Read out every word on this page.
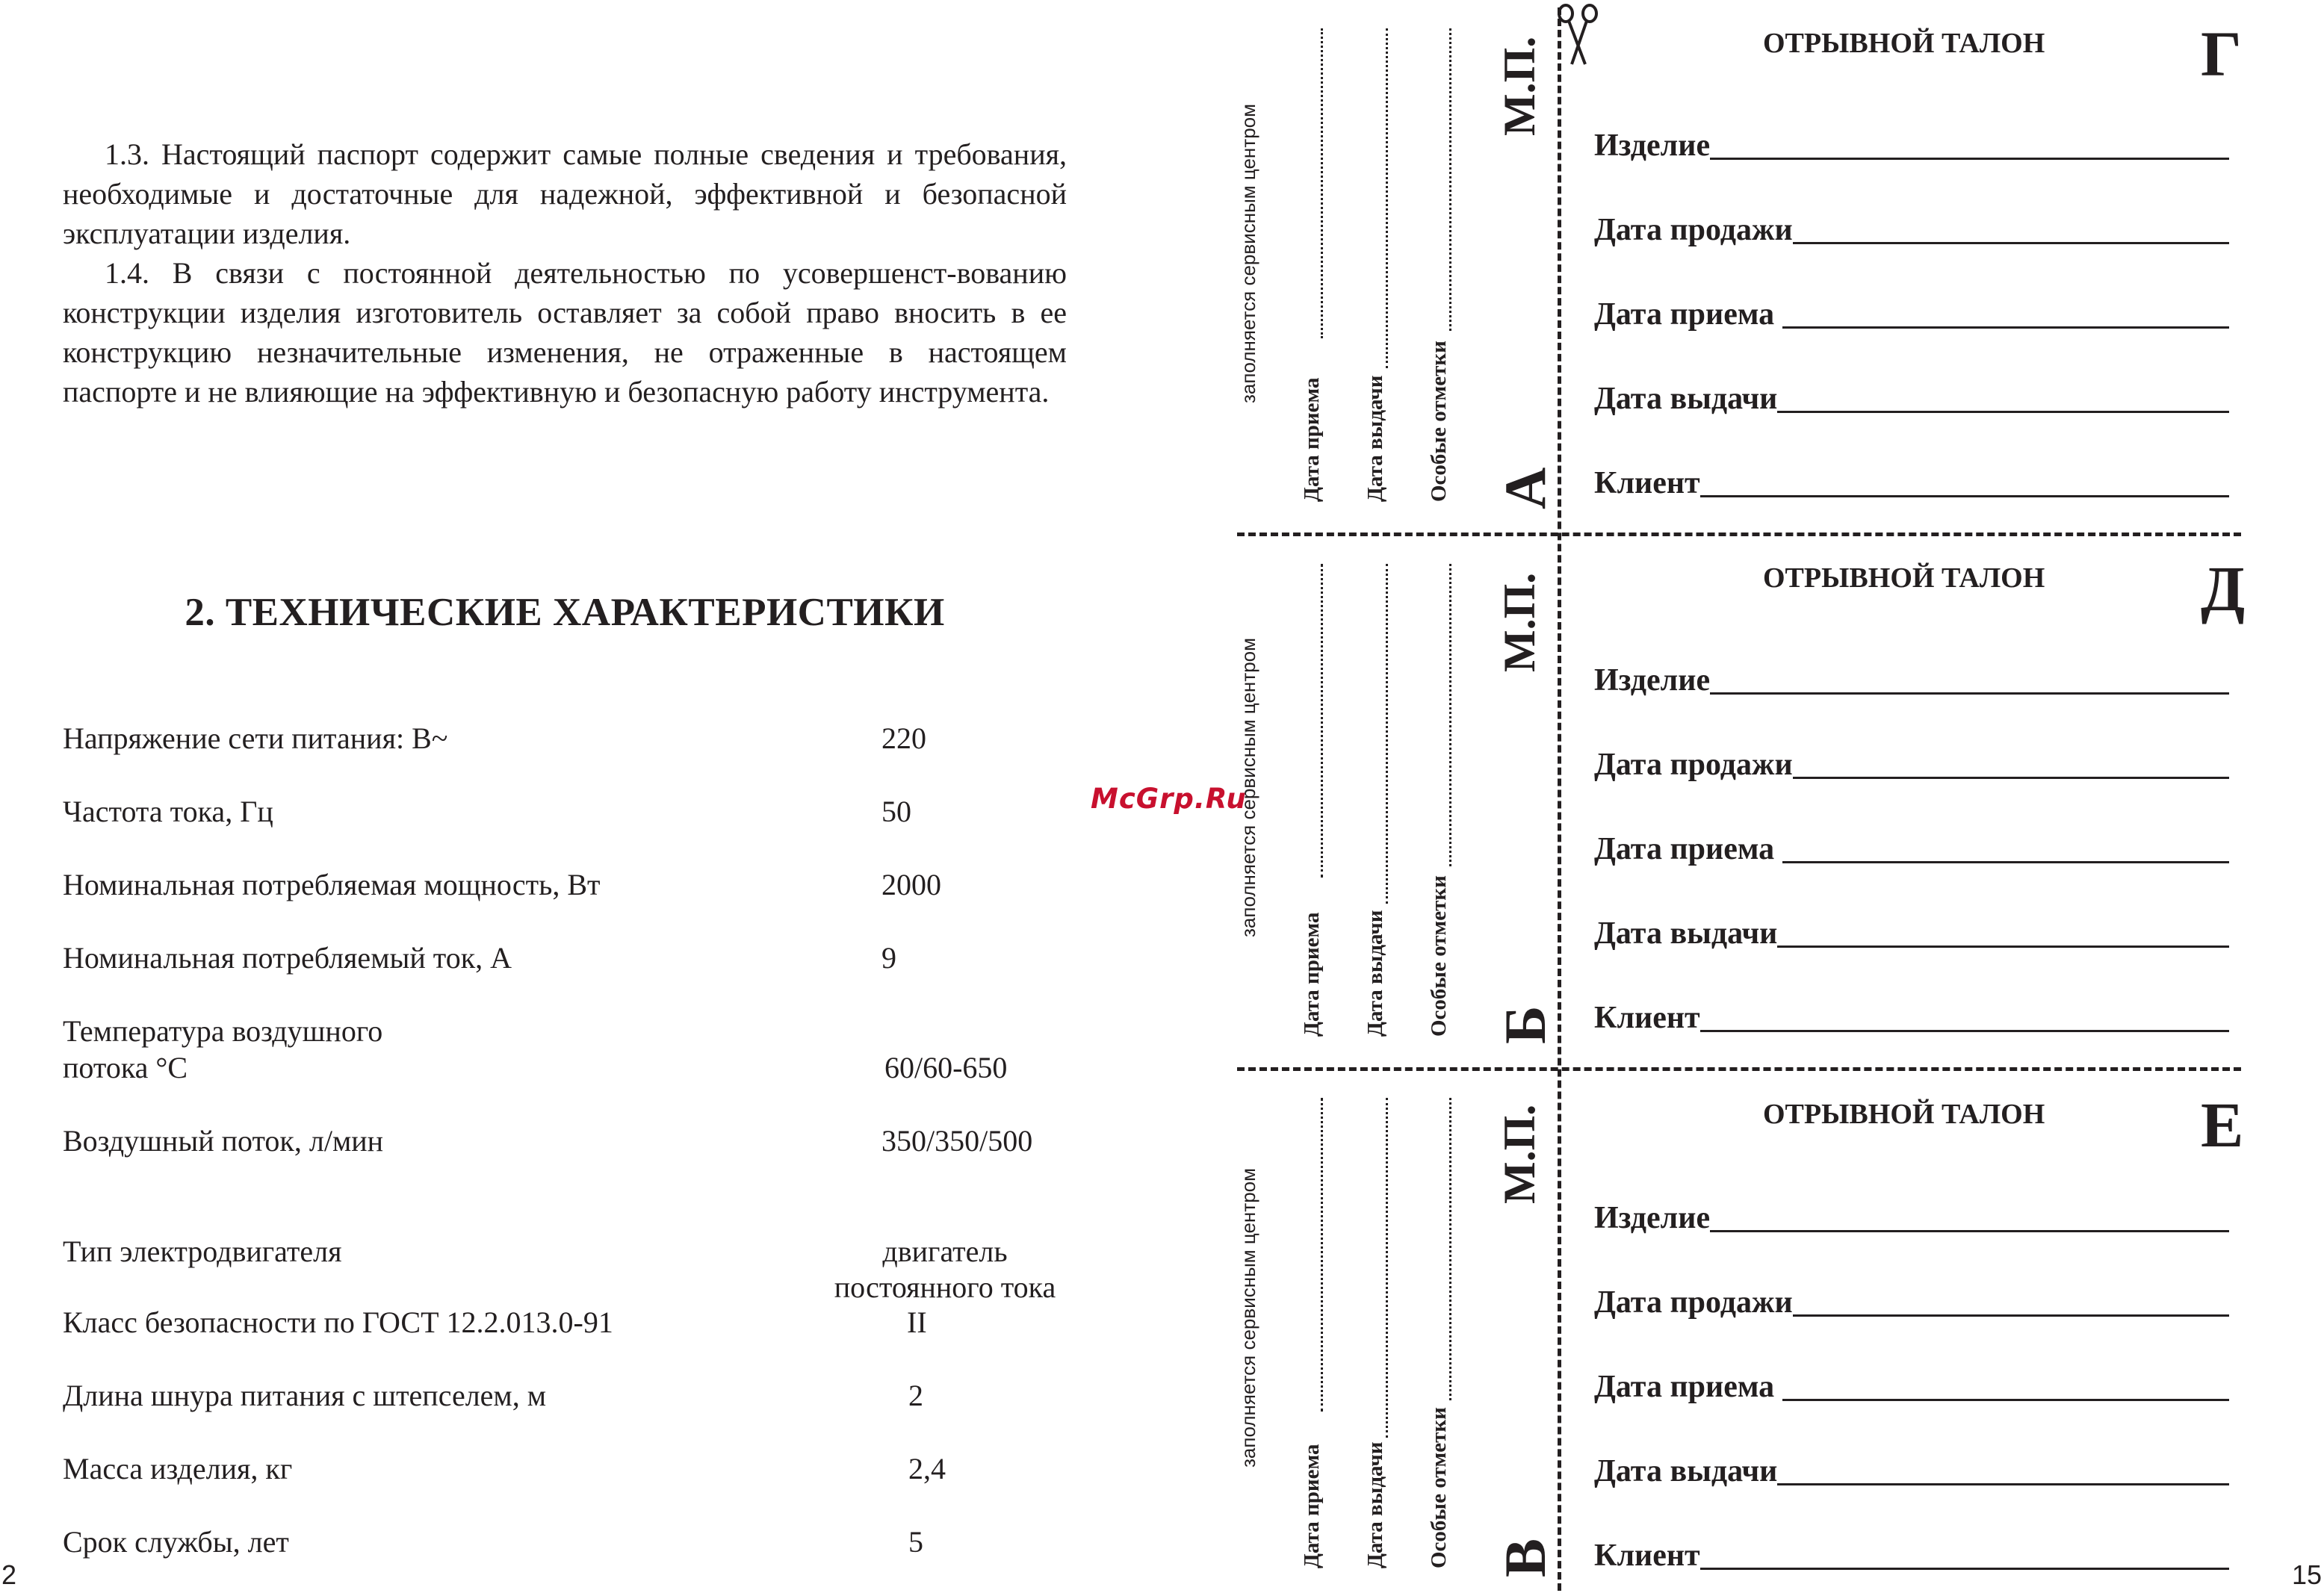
1.3. Настоящий паспорт содержит самые полные сведения и требования, необходимые и достаточные для надежной, эффективной и безопасной эксплуатации изделия.
1.4. В связи с постоянной деятельностью по усовершенст-вованию конструкции изделия изготовитель оставляет за собой право вносить в ее конструкцию незначительные изменения, не отраженные в настоящем паспорте и не влияющие на эффективную и безопасную работу инструмента.
2. ТЕХНИЧЕСКИЕ ХАРАКТЕРИСТИКИ
Напряжение сети питания: В~	220
Частота тока, Гц	50
Номинальная потребляемая мощность, Вт	2000
Номинальная потребляемый ток, А	9
Температура воздушного
потока °С	60/60-650
Воздушный поток, л/мин	350/350/500
Тип электродвигателя	двигатель
постоянного тока
Класс безопасности по ГОСТ 12.2.013.0-91	II
Длина шнура питания с штепселем, м	2
Масса изделия, кг	2,4
Срок службы, лет	5
2
McGrp.Ru
заполняется сервисным центром
Дата приема Дата выдачи Особые отметки
М.П.
А
ОТРЫВНОЙ ТАЛОН Г
Изделие
Дата продажи
Дата приема
Дата выдачи
Клиент
заполняется сервисным центром
Дата приема Дата выдачи Особые отметки
М.П.
Б
ОТРЫВНОЙ ТАЛОН Д
Изделие
Дата продажи
Дата приема
Дата выдачи
Клиент
заполняется сервисным центром
Дата приема Дата выдачи Особые отметки
М.П.
В
ОТРЫВНОЙ ТАЛОН Е
Изделие
Дата продажи
Дата приема
Дата выдачи
Клиент
15
